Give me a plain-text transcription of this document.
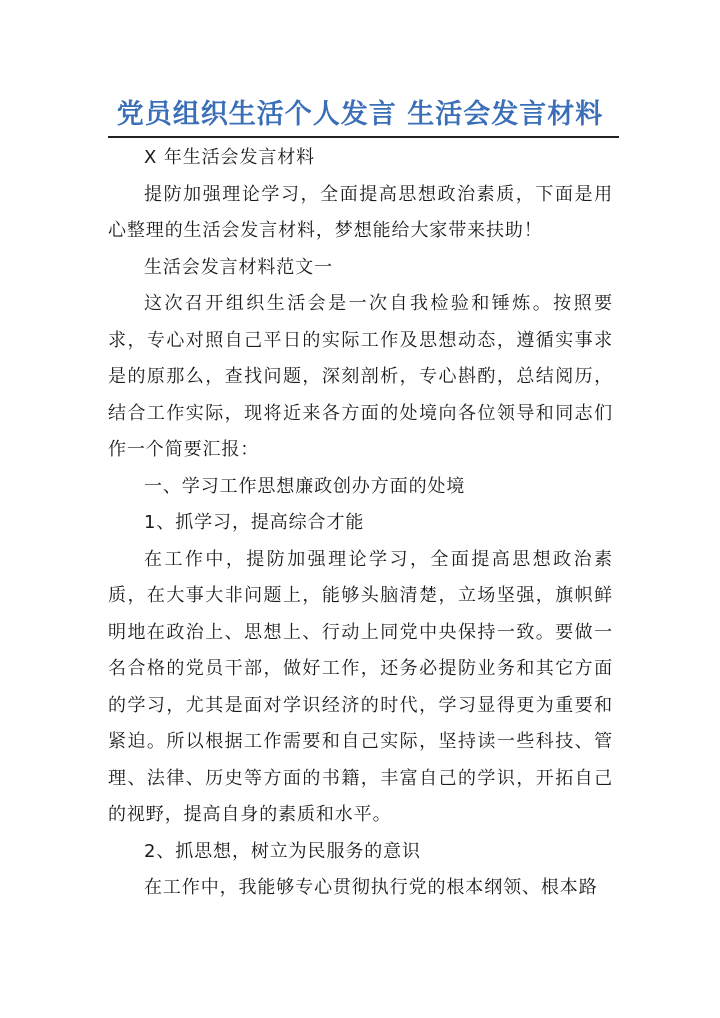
党员组织生活个人发言 生活会发言材料

X 年生活会发言材料

提防加强理论学习，全面提高思想政治素质，下面是用心整理的生活会发言材料，梦想能给大家带来扶助！

生活会发言材料范文一

这次召开组织生活会是一次自我检验和锤炼。按照要求，专心对照自己平日的实际工作及思想动态，遵循实事求是的原那么，查找问题，深刻剖析，专心斟酌，总结阅历，结合工作实际，现将近来各方面的处境向各位领导和同志们作一个简要汇报：

一、学习工作思想廉政创办方面的处境

1、抓学习，提高综合才能

在工作中，提防加强理论学习，全面提高思想政治素质，在大事大非问题上，能够头脑清楚，立场坚强，旗帜鲜明地在政治上、思想上、行动上同党中央保持一致。要做一名合格的党员干部，做好工作，还务必提防业务和其它方面的学习，尤其是面对学识经济的时代，学习显得更为重要和紧迫。所以根据工作需要和自己实际，坚持读一些科技、管理、法律、历史等方面的书籍，丰富自己的学识，开拓自己的视野，提高自身的素质和水平。

2、抓思想，树立为民服务的意识

在工作中，我能够专心贯彻执行党的根本纲领、根本路
